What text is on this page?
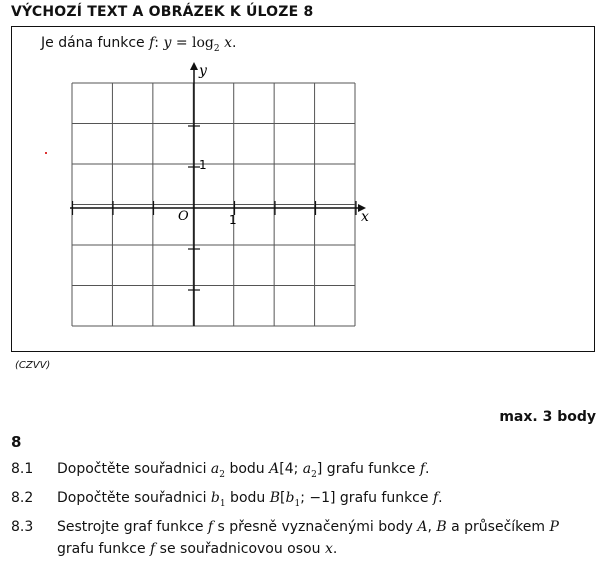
VÝCHOZÍ TEXT A OBRÁZEK K ÚLOZE 8
Je dána funkce f: $y = \log_2 x$.
x
y
O	1
1
(CZVV)
max. 3 body
8
8.1 Dopočtěte souřadnici $a_2$ bodu A[4; $a_2$] grafu funkce f.
8.2 Dopočtěte souřadnici $b_1$ bodu $B[b_1$; −1] grafu funkce f.
8.3 Sestrojte graf funkce f s přesně vyznačenými body A, B a průsečíkem P
grafu funkce f se souřadnicovou osou x.
